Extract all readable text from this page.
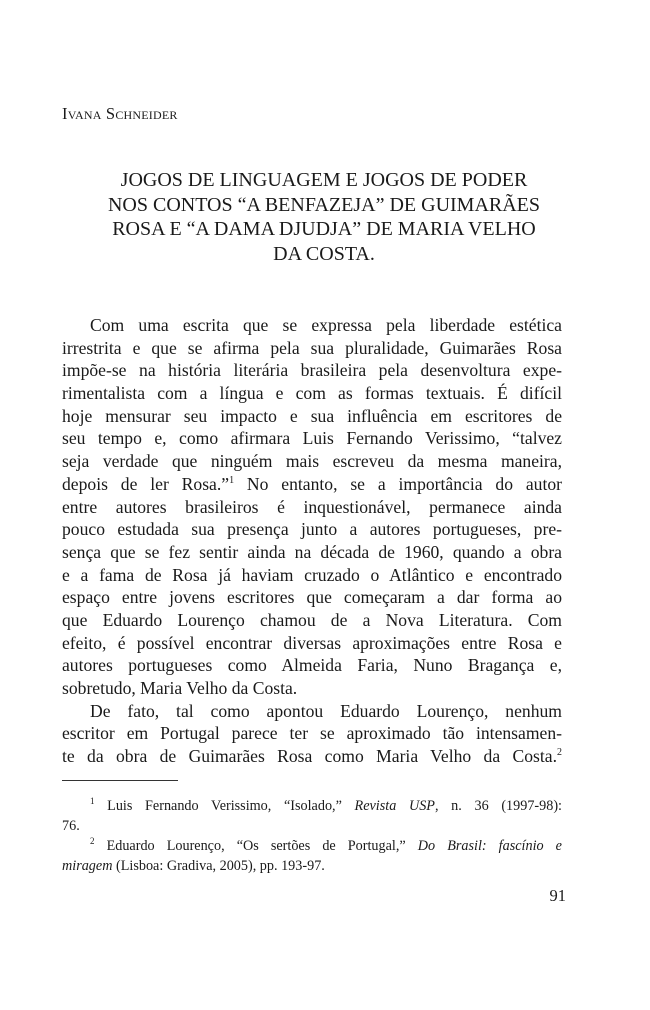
Ivana Schneider
JOGOS DE LINGUAGEM E JOGOS DE PODER
NOS CONTOS “A BENFAZEJA” DE GUIMARÃES
ROSA E “A DAMA DJUDJA” DE MARIA VELHO
DA COSTA.
Com uma escrita que se expressa pela liberdade estética
irrestrita e que se afirma pela sua pluralidade, Guimarães Rosa
impõe-se na história literária brasileira pela desenvoltura expe-
rimentalista com a língua e com as formas textuais. É difícil
hoje mensurar seu impacto e sua influência em escritores de
seu tempo e, como afirmara Luis Fernando Verissimo, “talvez
seja verdade que ninguém mais escreveu da mesma maneira,
depois de ler Rosa.”$^1$ No entanto, se a importância do autor
entre autores brasileiros é inquestionável, permanece ainda
pouco estudada sua presença junto a autores portugueses, pre-
sença que se fez sentir ainda na década de 1960, quando a obra
e a fama de Rosa já haviam cruzado o Atlântico e encontrado
espaço entre jovens escritores que começaram a dar forma ao
que Eduardo Lourenço chamou de a Nova Literatura. Com
efeito, é possível encontrar diversas aproximações entre Rosa e
autores portugueses como Almeida Faria, Nuno Bragança e,
sobretudo, Maria Velho da Costa.
De fato, tal como apontou Eduardo Lourenço, nenhum
escritor em Portugal parece ter se aproximado tão intensamen-
te da obra de Guimarães Rosa como Maria Velho da Costa.$^2$
$^1$ Luis Fernando Verissimo, “Isolado,” Revista USP, n. 36 (1997-98):
76.
$^2$ Eduardo Lourenço, “Os sertões de Portugal,” Do Brasil: fascínio e
miragem (Lisboa: Gradiva, 2005), pp. 193-97.
91
